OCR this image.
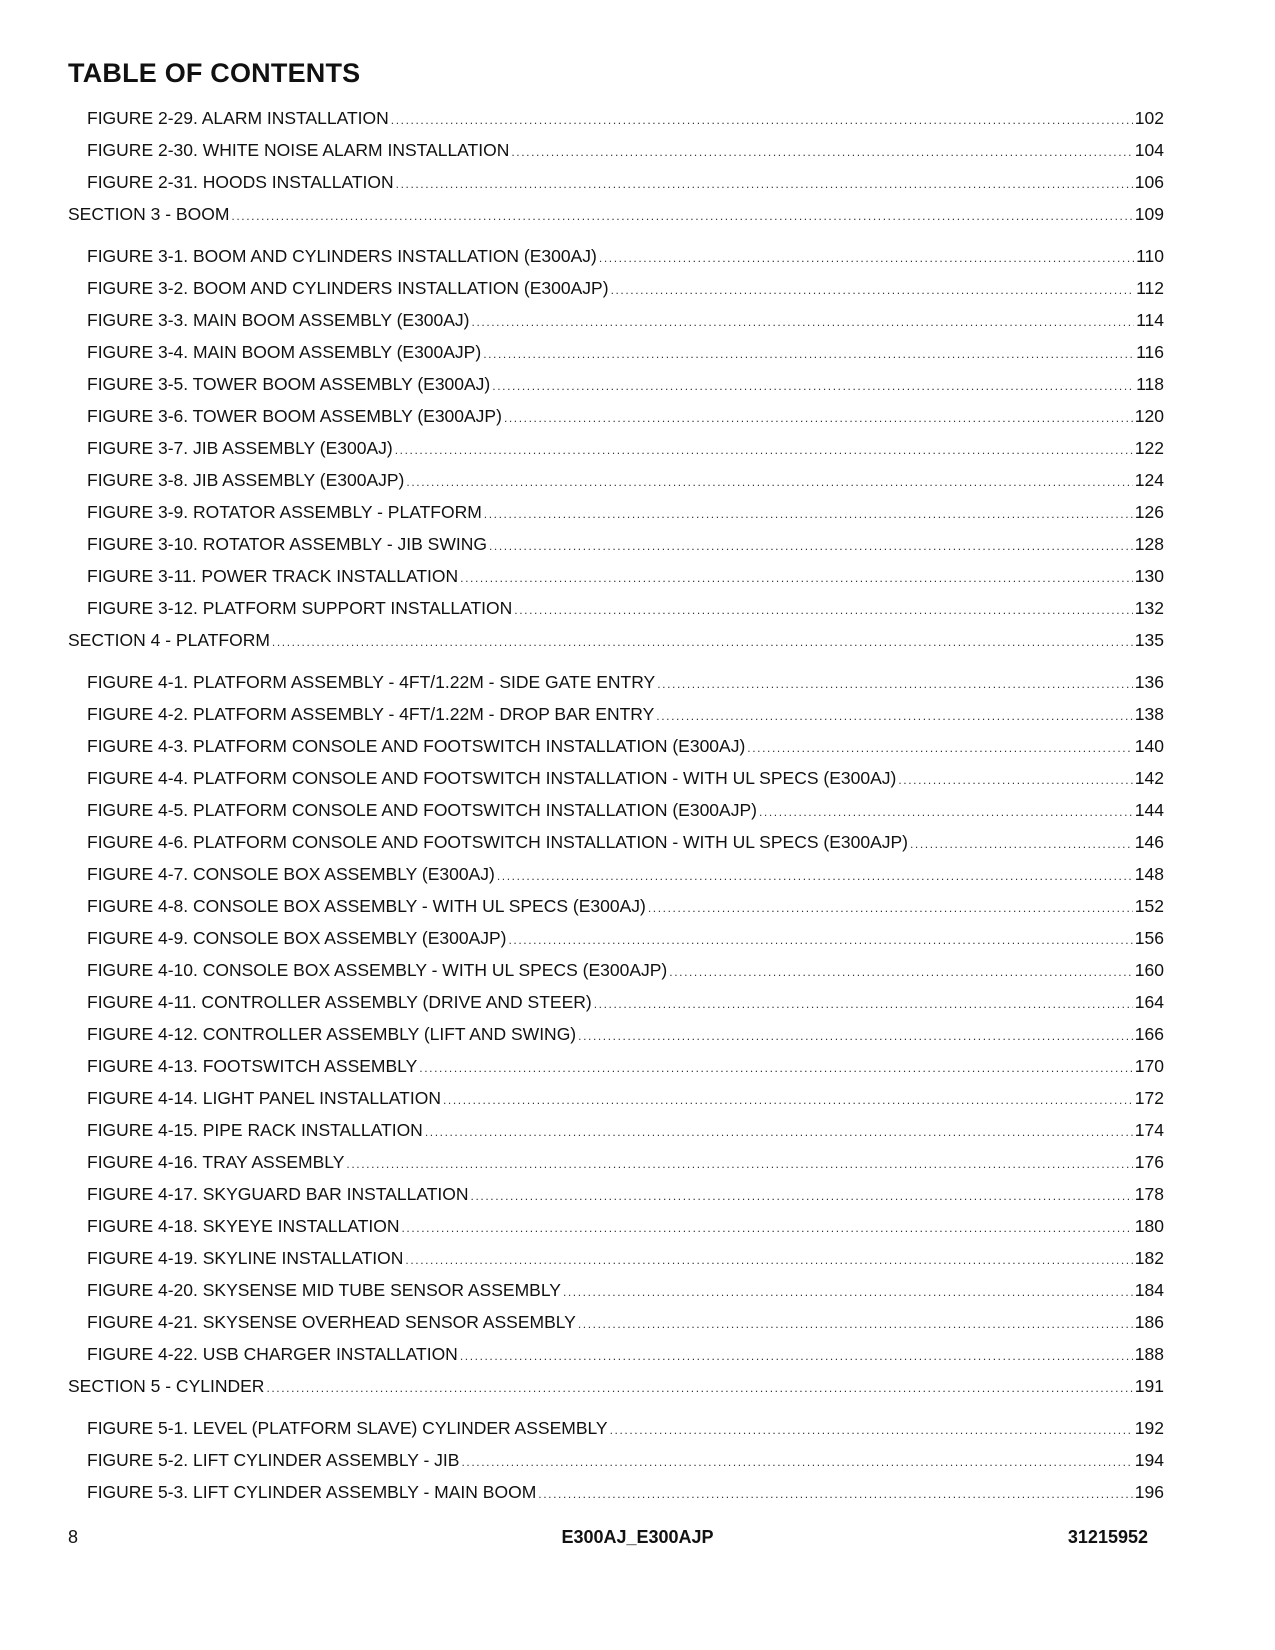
TABLE OF CONTENTS
FIGURE 2-29. ALARM INSTALLATION .....	102
FIGURE 2-30. WHITE NOISE ALARM INSTALLATION .....	104
FIGURE 2-31. HOODS INSTALLATION .....	106
SECTION 3 - BOOM .....	109
FIGURE 3-1. BOOM AND CYLINDERS INSTALLATION (E300AJ) .....	110
FIGURE 3-2. BOOM AND CYLINDERS INSTALLATION (E300AJP) .....	112
FIGURE 3-3. MAIN BOOM ASSEMBLY (E300AJ) .....	114
FIGURE 3-4. MAIN BOOM ASSEMBLY (E300AJP) .....	116
FIGURE 3-5. TOWER BOOM ASSEMBLY (E300AJ) .....	118
FIGURE 3-6. TOWER BOOM ASSEMBLY (E300AJP) .....	120
FIGURE 3-7. JIB ASSEMBLY (E300AJ) .....	122
FIGURE 3-8. JIB ASSEMBLY (E300AJP) .....	124
FIGURE 3-9. ROTATOR ASSEMBLY - PLATFORM .....	126
FIGURE 3-10. ROTATOR ASSEMBLY - JIB SWING .....	128
FIGURE 3-11. POWER TRACK INSTALLATION .....	130
FIGURE 3-12. PLATFORM SUPPORT INSTALLATION .....	132
SECTION 4 - PLATFORM .....	135
FIGURE 4-1. PLATFORM ASSEMBLY - 4FT/1.22M - SIDE GATE ENTRY .....	136
FIGURE 4-2. PLATFORM ASSEMBLY - 4FT/1.22M - DROP BAR ENTRY .....	138
FIGURE 4-3. PLATFORM CONSOLE AND FOOTSWITCH INSTALLATION (E300AJ) .....	140
FIGURE 4-4. PLATFORM CONSOLE AND FOOTSWITCH INSTALLATION - WITH UL SPECS (E300AJ) .....	142
FIGURE 4-5. PLATFORM CONSOLE AND FOOTSWITCH INSTALLATION (E300AJP) .....	144
FIGURE 4-6. PLATFORM CONSOLE AND FOOTSWITCH INSTALLATION - WITH UL SPECS (E300AJP) .....	146
FIGURE 4-7. CONSOLE BOX ASSEMBLY (E300AJ) .....	148
FIGURE 4-8. CONSOLE BOX ASSEMBLY - WITH UL SPECS (E300AJ) .....	152
FIGURE 4-9. CONSOLE BOX ASSEMBLY (E300AJP) .....	156
FIGURE 4-10. CONSOLE BOX ASSEMBLY - WITH UL SPECS (E300AJP) .....	160
FIGURE 4-11. CONTROLLER ASSEMBLY (DRIVE AND STEER) .....	164
FIGURE 4-12. CONTROLLER ASSEMBLY (LIFT AND SWING) .....	166
FIGURE 4-13. FOOTSWITCH ASSEMBLY .....	170
FIGURE 4-14. LIGHT PANEL INSTALLATION .....	172
FIGURE 4-15. PIPE RACK INSTALLATION .....	174
FIGURE 4-16. TRAY ASSEMBLY .....	176
FIGURE 4-17. SKYGUARD BAR INSTALLATION .....	178
FIGURE 4-18. SKYEYE INSTALLATION .....	180
FIGURE 4-19. SKYLINE INSTALLATION .....	182
FIGURE 4-20. SKYSENSE MID TUBE SENSOR ASSEMBLY .....	184
FIGURE 4-21. SKYSENSE OVERHEAD SENSOR ASSEMBLY .....	186
FIGURE 4-22. USB CHARGER INSTALLATION .....	188
SECTION 5 - CYLINDER .....	191
FIGURE 5-1. LEVEL (PLATFORM SLAVE) CYLINDER ASSEMBLY .....	192
FIGURE 5-2. LIFT CYLINDER ASSEMBLY - JIB .....	194
FIGURE 5-3. LIFT CYLINDER ASSEMBLY - MAIN BOOM .....	196
8	E300AJ_E300AJP	31215952
